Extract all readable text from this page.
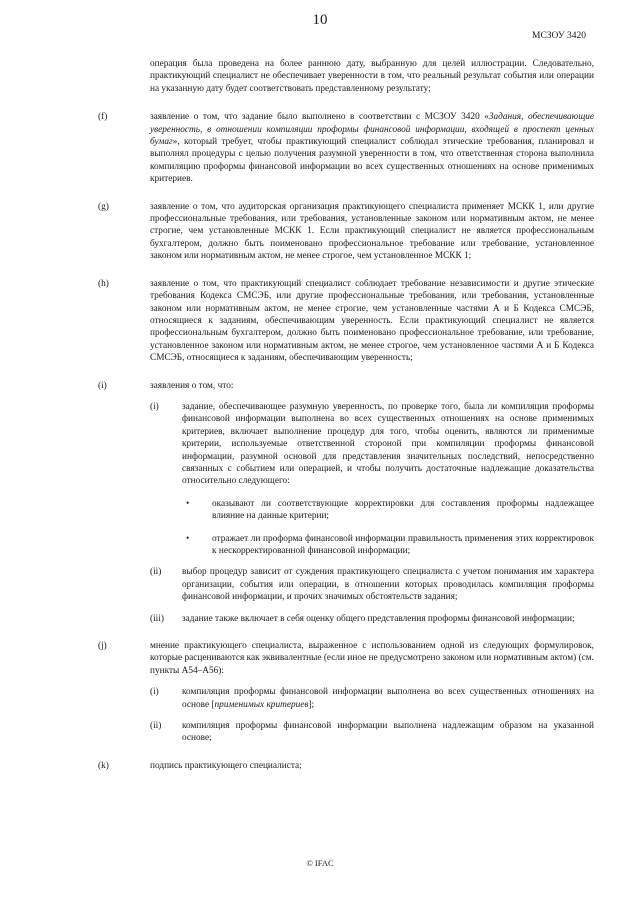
10
МСЗОУ 3420

операция была проведена на более раннюю дату, выбранную для целей иллюстрации. Следовательно, практикующий специалист не обеспечивает уверенности в том, что реальный результат события или операции на указанную дату будет соответствовать представленному результату;

(f)	заявление о том, что задание было выполнено в соответствии с МСЗОУ 3420 «Задания, обеспечивающие уверенность, в отношении компиляции проформы финансовой информации, входящей в проспект ценных бумаг», который требует, чтобы практикующий специалист соблюдал этические требования, планировал и выполнял процедуры с целью получения разумной уверенности в том, что ответственная сторона выполнила компиляцию проформы финансовой информации во всех существенных отношениях на основе применимых критериев.

(g)	заявление о том, что аудиторская организация практикующего специалиста применяет МСКК 1, или другие профессиональные требования, или требования, установленные законом или нормативным актом, не менее строгие, чем установленные МСКК 1. Если практикующий специалист не является профессиональным бухгалтером, должно быть поименовано профессиональное требование или требование, установленное законом или нормативным актом, не менее строгое, чем установленное МСКК 1;

(h)	заявление о том, что практикующий специалист соблюдает требование независимости и другие этические требования Кодекса СМСЭБ, или другие профессиональные требования, или требования, установленные законом или нормативным актом, не менее строгие, чем установленные частями А и Б Кодекса СМСЭБ, относящиеся к заданиям, обеспечивающим уверенность. Если практикующий специалист не является профессиональным бухгалтером, должно быть поименовано профессиональное требование, или требование, установленное законом или нормативным актом, не менее строгое, чем установленное частями А и Б Кодекса СМСЭБ, относящиеся к заданиям, обеспечивающим уверенность;

(i)	заявления о том, что:

(i) задание, обеспечивающее разумную уверенность, по проверке того, была ли компиляция проформы финансовой информации выполнена во всех существенных отношениях на основе применимых критериев, включает выполнение процедур для того, чтобы оценить, являются ли применимые критерии, используемые ответственной стороной при компиляции проформы финансовой информации, разумной основой для представления значительных последствий, непосредственно связанных с событием или операцией, и чтобы получить достаточные надлежащие доказательства относительно следующего:

• оказывают ли соответствующие корректировки для составления проформы надлежащее влияние на данные критерии;

• отражает ли проформа финансовой информации правильность применения этих корректировок к нескорректированной финансовой информации;

(ii) выбор процедур зависит от суждения практикующего специалиста с учетом понимания им характера организации, события или операции, в отношении которых проводилась компиляция проформы финансовой информации, и прочих значимых обстоятельств задания;

(iii) задание также включает в себя оценку общего представления проформы финансовой информации;

(j)	мнение практикующего специалиста, выраженное с использованием одной из следующих формулировок, которые расцениваются как эквивалентные (если иное не предусмотрено законом или нормативным актом) (см. пункты А54–А56):

(i) компиляция проформы финансовой информации выполнена во всех существенных отношениях на основе [применимых критериев];

(ii) компиляция проформы финансовой информации выполнена надлежащим образом на указанной основе;

(k)	подпись практикующего специалиста;

© IFAC
